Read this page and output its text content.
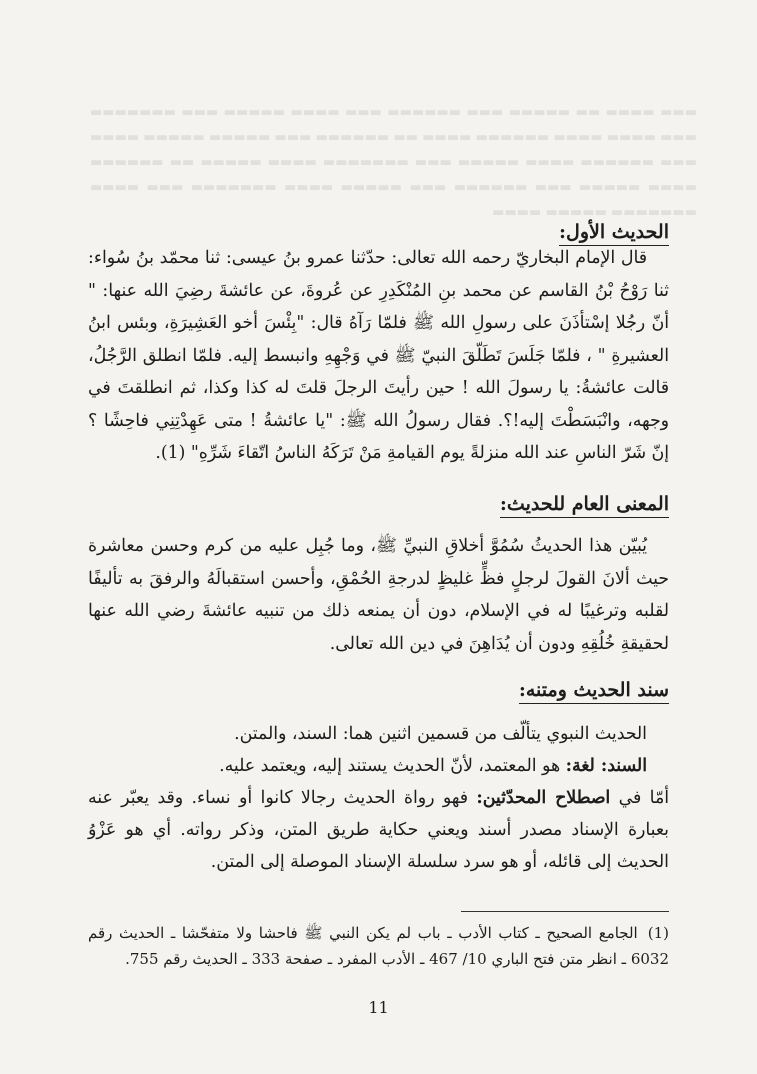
▬▬▬ ▬▬▬▬ ▬▬ ▬▬▬▬▬ ▬▬▬ ▬▬▬▬▬▬ ▬▬▬ ▬▬▬▬ ▬▬▬▬▬ ▬▬▬ ▬▬▬▬▬▬▬ ▬▬▬ ▬▬▬▬ ▬▬▬▬ ▬▬▬▬▬▬ ▬▬▬▬ ▬▬ ▬▬▬▬▬▬ ▬▬▬ ▬▬▬▬▬ ▬▬▬▬▬ ▬▬▬▬ ▬▬▬ ▬▬▬▬▬▬ ▬▬▬▬ ▬▬▬▬▬ ▬▬▬ ▬▬▬▬▬▬▬ ▬▬▬▬ ▬▬▬▬▬ ▬▬ ▬▬▬▬▬▬ ▬▬▬▬ ▬▬▬▬▬ ▬▬▬ ▬▬▬▬▬▬ ▬▬▬ ▬▬▬▬▬ ▬▬▬▬ ▬▬▬▬▬▬▬ ▬▬▬ ▬▬▬▬ ▬▬▬▬▬▬▬ ▬▬▬▬▬ ▬▬▬▬
الحديث الأول:
قال الإمام البخاريّ رحمه الله تعالى: حدّثنا عمرو بنُ عيسى: ثنا محمّد بنُ سُواء: ثنا رَوْحُ بْنُ القاسم عن محمد بنِ المُنْكَدِرِ عن عُروةَ، عن عائشةَ رضِيَ الله عنها: " أنّ رجُلا إسْتأذَنَ على رسولِ الله ﷺ فلمّا رَآهُ قال: "بِئْسَ أخو العَشِيرَةِ، وبئس ابنُ العشيرةِ " ، فلمّا جَلَسَ تَطَلّقَ النبيّ ﷺ في وَجْهِهِ وانبسط إليه. فلمّا انطلق الرَّجُلُ، قالت عائشةُ: يا رسولَ الله ! حين رأيتَ الرجلَ قلتَ له كذا وكذا، ثم انطلقتَ في وجهه، وانْبَسَطْتَ إليه!؟. فقال رسولُ الله ﷺ: "يا عائشةُ ! متى عَهِدْتِنِي فاحِشًا ؟ إنّ شَرّ الناسِ عند الله منزلةً يوم القيامةِ مَنْ تَرَكَهُ الناسُ اتّقاءَ شَرِّهِ" (1).
المعنى العام للحديث:
يُبيّن هذا الحديثُ سُمُوَّ أخلاقِ النبيِّ ﷺ، وما جُبِل عليه من كرم وحسن معاشرة حيث ألانَ القولَ لرجلٍ فظٍّ غليظٍ لدرجةِ الحُمْقِ، وأحسن استقبالَهُ والرفقَ به تأليفًا لقلبه وترغيبًا له في الإسلام، دون أن يمنعه ذلك من تنبيه عائشةَ رضي الله عنها لحقيقةِ خُلُقِهِ ودون أن يُدَاهِنَ في دين الله تعالى.
سند الحديث ومتنه:
الحديث النبوي يتألّف من قسمين اثنين هما: السند، والمتن.
السند: لغة: هو المعتمد، لأنّ الحديث يستند إليه، ويعتمد عليه.
أمّا في اصطلاح المحدّثين: فهو رواة الحديث رجالا كانوا أو نساء. وقد يعبّر عنه بعبارة الإسناد مصدر أسند ويعني حكاية طريق المتن، وذكر رواته. أي هو عَزْوُ الحديث إلى قائله، أو هو سرد سلسلة الإسناد الموصلة إلى المتن.
(1)الجامع الصحيح ـ كتاب الأدب ـ باب لم يكن النبي ﷺ فاحشا ولا متفحّشا ـ الحديث رقم 6032 ـ انظر متن فتح الباري 10/ 467 ـ الأدب المفرد ـ صفحة 333 ـ الحديث رقم 755.
11
